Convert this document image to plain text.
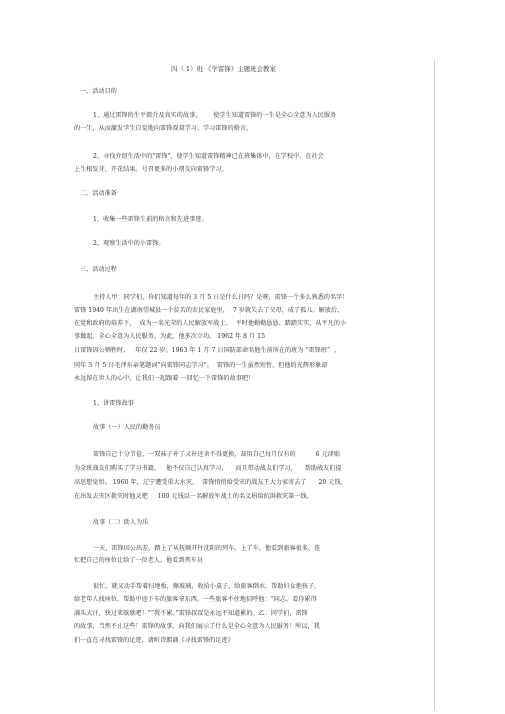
四（ 1）班 《学雷锋》主题班会教案
一、活动目的
1、通过雷锋的生平简介及真实的故事，      使学生知道雷锋的一生是全心全意为人民服务
的一生，从而激发学生自觉地向雷锋叔叔学习、学习雷锋的格言。
2、寻找介绍生活中的"雷锋"，使学生知道雷锋精神已在班集体中、在学校中、在社会
上生根发芽，开花结果。号召更多的小朋友向雷锋学习。
二、活动准备
1、收集一些雷锋生前的格言和先进事迹。
2、观察生活中的小雷锋。
三、活动过程
主持人甲：同学们，你们知道每年的 3 月 5 日是什么日吗？是呀，雷锋一个多么熟悉的名字！
雷锋 1940 年出生在湖南望城县一个贫苦的农民家庭里，  7 岁就失去了父母，成了孤儿。解放后，
在党和政府的培养下，  成为一名光荣的人民解放军战士。  平时他勤勤恳恳、踏踏实实，从平凡的小
事做起，全心全意为人民服务。为此，他多次立功。 1962 年 8 月 15
日雷锋因公牺牲时，   年仅 22 岁。1963 年 1 月 7 日国防部命名他生前所在的班为 “雷锋班”  。
同年 3 月 5 日毛泽东亲笔题词“向雷锋同志学习”。  雷锋的一生虽然短暂，但他的光辉形象却
永远留在世人的心中。让我们一起跟着 一回忆一下雷锋的故事吧！
1、讲雷锋故事
故事（一）人民的勤务员
雷锋自己十分节俭，一双袜子补了又补还舍不得更换，却用自己每月仅有的          6 元津贴
为全班战友们购买了学习书籍。   他不仅自己认真学习，    而且带动战友们学习，    帮助战友们提
高思想觉悟。 1960 年，辽宁遭受重大水灾，  雷锋悄悄给受灾的战友王大力家寄去了      20 元钱。
在出发去灾区救灾时他又把     100 元钱以一名解放军战士的名义捐给抗洪救灾第一线。
故事（二）助人为乐
一天，雷锋因公出差，踏上了从抚顺开往沈阳的列车。上了车，他看到旅客很多，连
忙把自己的座位让给了一位老人。他看到列车员
很忙，就又动手帮着扫地板，擦玻璃，收拾小桌子，给旅客倒水，帮助妇女抱孩子，
给老年人找座位，帮助中途下车的旅客拿东西。一些旅客不住地招呼他：“同志，看你累得
满头大汗，快过来歇歇吧！”“我不累。”雷锋叔叔是永远不知道累的。乙：同学们，雷锋
的故事，当然不止这些！雷锋的故事，向我们展示了什么是全心全意为人民服务！所以，我
们一直在寻找雷锋的足迹，请听诗朗诵《寻找雷锋的足迹》
